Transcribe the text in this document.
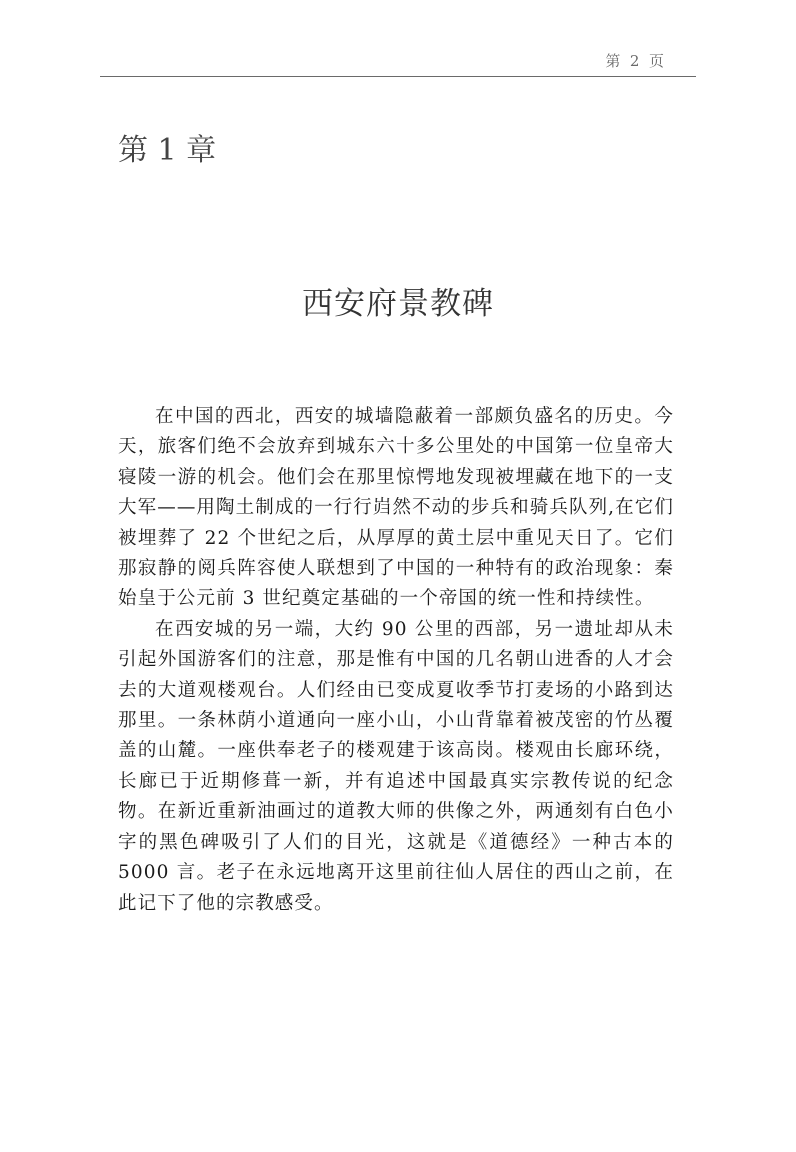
第  2  页
第 1 章
西安府景教碑

在中国的西北，西安的城墙隐蔽着一部颇负盛名的历史。今天，旅客们绝不会放弃到城东六十多公里处的中国第一位皇帝大寝陵一游的机会。他们会在那里惊愕地发现被埋藏在地下的一支大军——用陶土制成的一行行岿然不动的步兵和骑兵队列,在它们被埋葬了 22 个世纪之后，从厚厚的黄土层中重见天日了。它们那寂静的阅兵阵容使人联想到了中国的一种特有的政治现象：秦始皇于公元前 3 世纪奠定基础的一个帝国的统一性和持续性。

在西安城的另一端，大约 90 公里的西部，另一遗址却从未引起外国游客们的注意，那是惟有中国的几名朝山进香的人才会去的大道观楼观台。人们经由已变成夏收季节打麦场的小路到达那里。一条林荫小道通向一座小山，小山背靠着被茂密的竹丛覆盖的山麓。一座供奉老子的楼观建于该高岗。楼观由长廊环绕，长廊已于近期修葺一新，并有追述中国最真实宗教传说的纪念物。在新近重新油画过的道教大师的供像之外，两通刻有白色小字的黑色碑吸引了人们的目光，这就是《道德经》一种古本的 5000 言。老子在永远地离开这里前往仙人居住的西山之前，在此记下了他的宗教感受。
